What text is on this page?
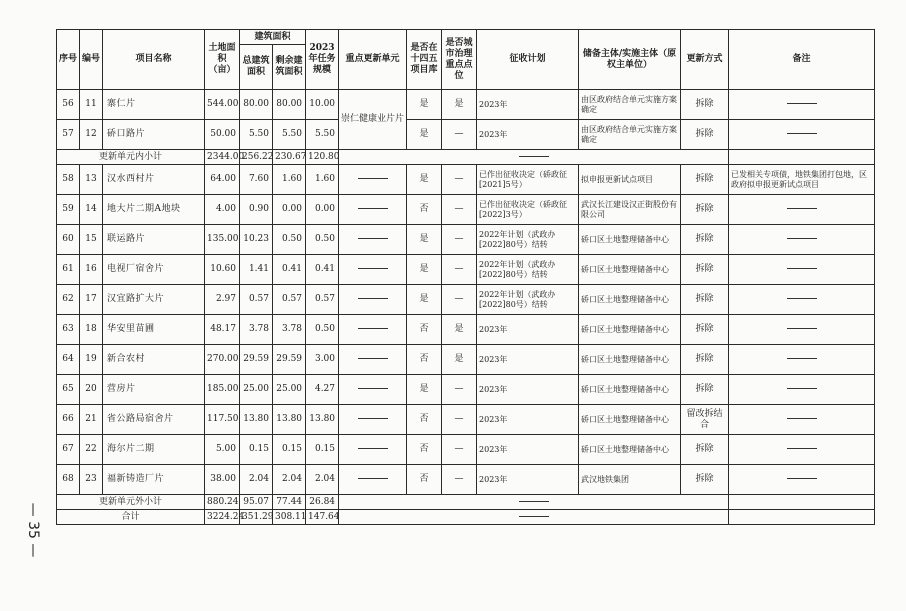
序号	编号	项目名称	土地面积（亩）	建筑面积		2023年任务规模	重点更新单元	是否在十四五项目库	是否城市治理重点点位	征收计划	储备主体/实施主体（原权主单位）	更新方式	备注
				总建筑面积	剩余建筑面积								
56	11	寨仁片	544.00	80.00	80.00	10.00	崇仁健康业片片	是	是	2023年	由区政府结合单元实施方案确定	拆除	
57	12	硚口路片	50.00	5.50	5.50	5.50		是	—	2023年	由区政府结合单元实施方案确定	拆除	
更新单元内小计			2344.00	256.22	230.67	120.80							
58	13	汉水西村片	64.00	7.60	1.60	1.60		是	—	已作出征收决定（硚政征[2021]5号）	拟申报更新试点项目	拆除	已发相关专项债，地铁集团打包地，区政府拟申报更新试点项目
59	14	地大片二期A地块	4.00	0.90	0.00	0.00		否	—	已作出征收决定（硚政征[2022]3号）	武汉长江建设汉正街股份有限公司	拆除	
60	15	联运路片	135.00	10.23	0.50	0.50		是	—	2022年计划（武政办[2022]80号）结转	硚口区土地整理储备中心	拆除	
61	16	电视厂宿舍片	10.60	1.41	0.41	0.41		是	—	2022年计划（武政办[2022]80号）结转	硚口区土地整理储备中心	拆除	
62	17	汉宜路扩大片	2.97	0.57	0.57	0.57		是	—	2022年计划（武政办[2022]80号）结转	硚口区土地整理储备中心	拆除	
63	18	华安里苗圃	48.17	3.78	3.78	0.50		否	是	2023年	硚口区土地整理储备中心	拆除	
64	19	新合农村	270.00	29.59	29.59	3.00		否	是	2023年	硚口区土地整理储备中心	拆除	
65	20	营房片	185.00	25.00	25.00	4.27		是	—	2023年	硚口区土地整理储备中心	拆除	
66	21	省公路局宿舍片	117.50	13.80	13.80	13.80		否	—	2023年	硚口区土地整理储备中心	留改拆结合	
67	22	海尔片二期	5.00	0.15	0.15	0.15		否	—	2023年	硚口区土地整理储备中心	拆除	
68	23	福新铸造厂片	38.00	2.04	2.04	2.04		否	—	2023年	武汉地铁集团	拆除	
更新单元外小计			880.24	95.07	77.44	26.84							
合计			3224.24	351.29	308.11	147.64							
— 35 —
